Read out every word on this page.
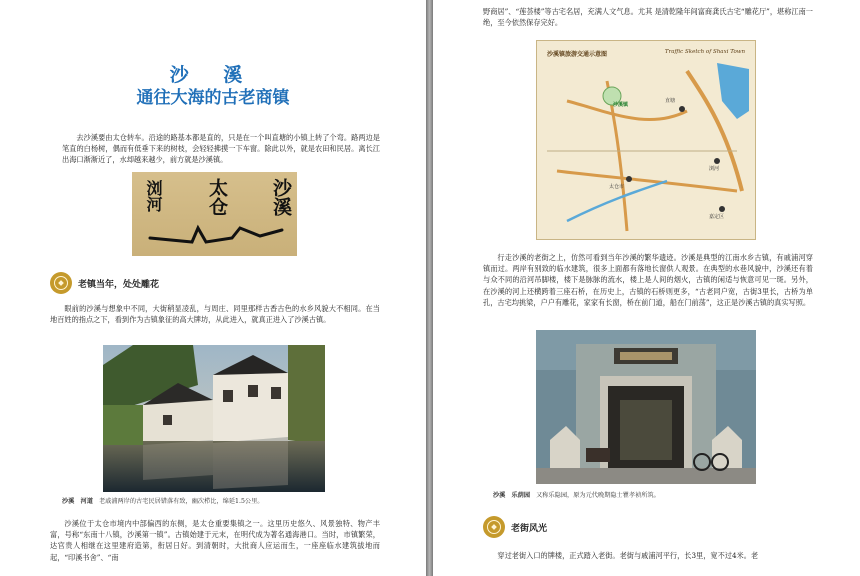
沙 溪
通往大海的古老商镇

去沙溪要由太仓转车。沿途的路基本都是直的，只是在一个叫直塘的小镇上转了个弯。路两边是笔直的白杨树，偶而有低垂下来的树枝，会轻轻拂摸一下车窗。除此以外，就是农田和民居。离长江出海口渐渐近了，水却越来越少，前方就是沙溪镇。

浏河 太仓 沙溪
老镇当年，处处雕花

眼前的沙溪与想象中不同，大街稍显凌乱，与周庄、同里那样古香古色的水乡风貌大不相同。在当地百姓的指点之下，看到作为古镇象征的高大牌坊，从此进入，就真正进入了沙溪古镇。

沙溪　河道 老戚浦两岸的古宅民居错落有致，幽次栉比，绵延1.5公里。

沙溪位于太仓市境内中部偏西的东侧，是太仓重要集镇之一。这里历史悠久、风景独特、物产丰富，号称“东南十八镇，沙溪第一镇”。古镇始建于元末，在明代成为著名通海港口。当时，市镇繁荣，达官贵人相继在这里建府造第，衔居日好。到清朝时，大批商人应运而生，一座座临水建筑拔地而起，“印溪书舍”、“南

野商居”、“莲荟楼”等古宅名居，充满人文气息。尤其 是清乾隆年间富商龚氏古宅“雕花厅”，堪称江南一绝，至今依然保存完好。

沙溪镇旅游交通示意图	Traffic Sketch of Shaxi Town
沙溪镇
太仓市
直塘
浏河
嘉定区

行走沙溪的老街之上，仿然可看到当年沙溪的繁华遗迹。沙溪是典型的江南水乡古镇，有戚浦河穿镇而过。两岸有别致的临水建筑，很多上面都有落地长窗供人观景。在典型的水巷风貌中，沙溪还有着与众不同的沿河吊脚楼，楼下是脉脉的流水，楼上是人间的烟火，古镇的闲适与恢意可见一斑。另外，在沙溪的河上还横跨着三座石桥，在历史上，古镇的石桥则更多，“古老同户宽，古街3里长，古桥为单孔，古宅均挑梁，户户有雕花，家家有长窗，桥在前门道，船在门前荡”，这正是沙溪古镇的真实写照。

沙溪　乐荫园 又称乐隐园，原为元代晚期隐士瞿孝祯所筑。
老街风光

穿过老街入口的牌楼，正式踏入老街。老街与戚浦河平行，长3里，宽不过4米。老
